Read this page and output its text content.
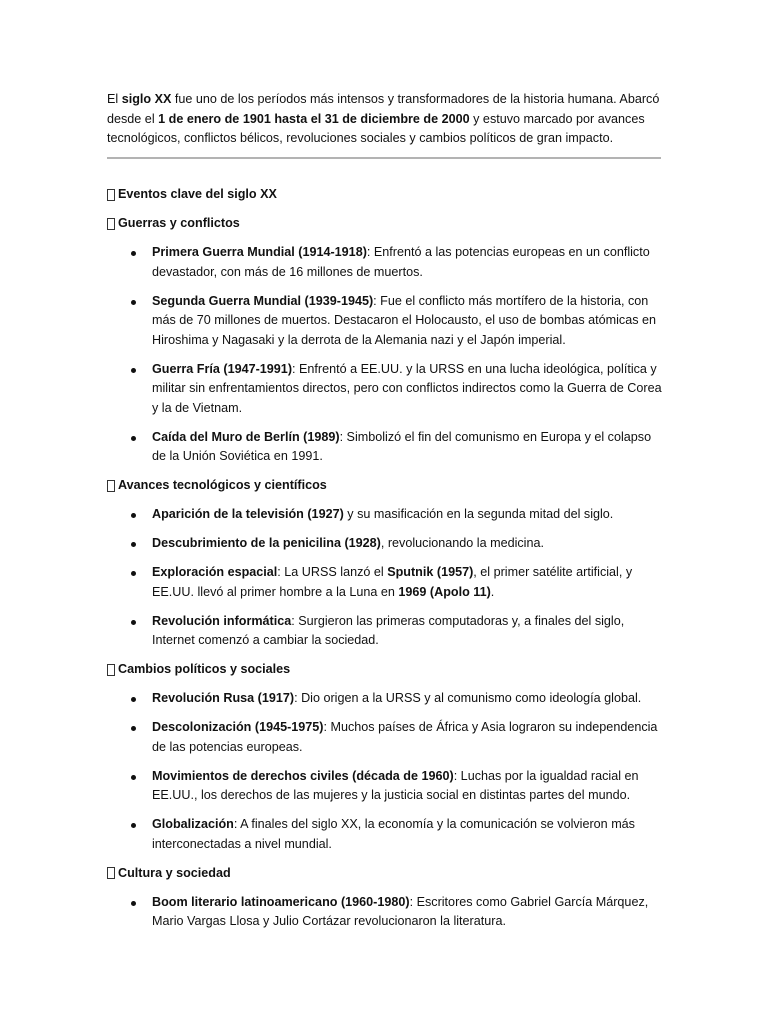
El siglo XX fue uno de los períodos más intensos y transformadores de la historia humana. Abarcó desde el 1 de enero de 1901 hasta el 31 de diciembre de 2000 y estuvo marcado por avances tecnológicos, conflictos bélicos, revoluciones sociales y cambios políticos de gran impacto.

Eventos clave del siglo XX

Guerras y conflictos

Primera Guerra Mundial (1914-1918): Enfrentó a las potencias europeas en un conflicto devastador, con más de 16 millones de muertos.
Segunda Guerra Mundial (1939-1945): Fue el conflicto más mortífero de la historia, con más de 70 millones de muertos. Destacaron el Holocausto, el uso de bombas atómicas en Hiroshima y Nagasaki y la derrota de la Alemania nazi y el Japón imperial.
Guerra Fría (1947-1991): Enfrentó a EE.UU. y la URSS en una lucha ideológica, política y militar sin enfrentamientos directos, pero con conflictos indirectos como la Guerra de Corea y la de Vietnam.
Caída del Muro de Berlín (1989): Simbolizó el fin del comunismo en Europa y el colapso de la Unión Soviética en 1991.

Avances tecnológicos y científicos

Aparición de la televisión (1927) y su masificación en la segunda mitad del siglo.
Descubrimiento de la penicilina (1928), revolucionando la medicina.
Exploración espacial: La URSS lanzó el Sputnik (1957), el primer satélite artificial, y EE.UU. llevó al primer hombre a la Luna en 1969 (Apolo 11).
Revolución informática: Surgieron las primeras computadoras y, a finales del siglo, Internet comenzó a cambiar la sociedad.

Cambios políticos y sociales

Revolución Rusa (1917): Dio origen a la URSS y al comunismo como ideología global.
Descolonización (1945-1975): Muchos países de África y Asia lograron su independencia de las potencias europeas.
Movimientos de derechos civiles (década de 1960): Luchas por la igualdad racial en EE.UU., los derechos de las mujeres y la justicia social en distintas partes del mundo.
Globalización: A finales del siglo XX, la economía y la comunicación se volvieron más interconectadas a nivel mundial.

Cultura y sociedad

Boom literario latinoamericano (1960-1980): Escritores como Gabriel García Márquez, Mario Vargas Llosa y Julio Cortázar revolucionaron la literatura.
